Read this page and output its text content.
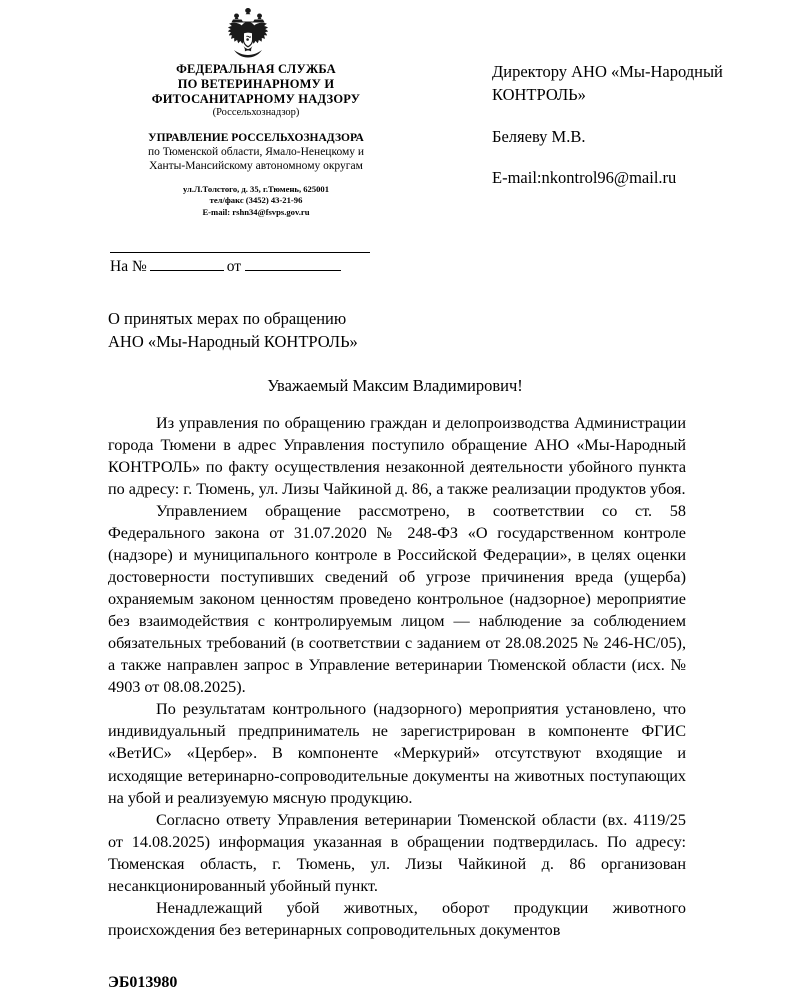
ФЕДЕРАЛЬНАЯ СЛУЖБА
ПО ВЕТЕРИНАРНОМУ И
ФИТОСАНИТАРНОМУ НАДЗОРУ
(Россельхознадзор)
УПРАВЛЕНИЕ РОССЕЛЬХОЗНАДЗОРА
по Тюменской области, Ямало-Ненецкому и
Ханты-Мансийскому автономному округам
ул.Л.Толстого, д. 35, г.Тюмень, 625001
тел/факс (3452) 43-21-96
E-mail: rshn34@fsvps.gov.ru

Директору АНО «Мы-Народный КОНТРОЛЬ»

Беляеву М.В.

E-mail:nkontrol96@mail.ru

На №	от
О принятых мерах по обращению
АНО «Мы-Народный КОНТРОЛЬ»
Уважаемый Максим Владимирович!

Из управления по обращению граждан и делопроизводства Администрации города Тюмени в адрес Управления поступило обращение АНО «Мы-Народный КОНТРОЛЬ» по факту осуществления незаконной деятельности убойного пункта по адресу: г. Тюмень, ул. Лизы Чайкиной д. 86, а также реализации продуктов убоя.

Управлением обращение рассмотрено, в соответствии со ст. 58 Федерального закона от 31.07.2020 № 248-ФЗ «О государственном контроле (надзоре) и муниципального контроле в Российской Федерации», в целях оценки достоверности поступивших сведений об угрозе причинения вреда (ущерба) охраняемым законом ценностям проведено контрольное (надзорное) мероприятие без взаимодействия с контролируемым лицом — наблюдение за соблюдением обязательных требований (в соответствии с заданием от 28.08.2025 № 246-НС/05), а также направлен запрос в Управление ветеринарии Тюменской области (исх. № 4903 от 08.08.2025).

По результатам контрольного (надзорного) мероприятия установлено, что индивидуальный предприниматель не зарегистрирован в компоненте ФГИС «ВетИС» «Цербер». В компоненте «Меркурий» отсутствуют входящие и исходящие ветеринарно-сопроводительные документы на животных поступающих на убой и реализуемую мясную продукцию.

Согласно ответу Управления ветеринарии Тюменской области (вх. 4119/25 от 14.08.2025) информация указанная в обращении подтвердилась. По адресу: Тюменская область, г. Тюмень, ул. Лизы Чайкиной д. 86 организован несанкционированный убойный пункт.

Ненадлежащий убой животных, оборот продукции животного происхождения без ветеринарных сопроводительных документов

ЭБ013980
